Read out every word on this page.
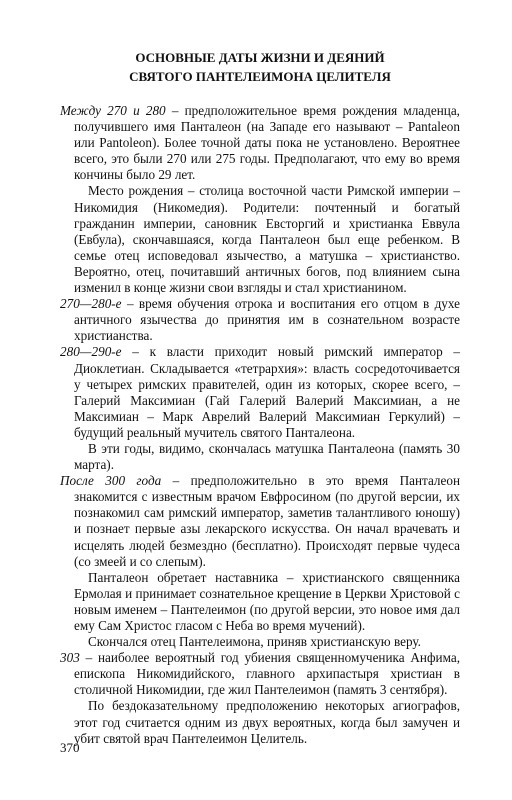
ОСНОВНЫЕ ДАТЫ ЖИЗНИ И ДЕЯНИЙ
СВЯТОГО ПАНТЕЛЕИМОНА ЦЕЛИТЕЛЯ

Между 270 и 280 – предположительное время рождения младенца, получившего имя Панталеон (на Западе его называют – Pantaleon или Pantoleon). Более точной даты пока не установлено. Вероятнее всего, это были 270 или 275 годы. Предполагают, что ему во время кончины было 29 лет.

Место рождения – столица восточной части Римской империи – Никомидия (Никомедия). Родители: почтенный и богатый гражданин империи, сановник Евсторгий и христианка Еввула (Евбула), скончавшаяся, когда Панталеон был еще ребенком. В семье отец исповедовал язычество, а матушка – христианство. Вероятно, отец, почитавший античных богов, под влиянием сына изменил в конце жизни свои взгляды и стал христианином.

270—280-е – время обучения отрока и воспитания его отцом в духе античного язычества до принятия им в сознательном возрасте христианства.

280—290-е – к власти приходит новый римский император – Диоклетиан. Складывается «тетрархия»: власть сосредоточивается у четырех римских правителей, один из которых, скорее всего, – Галерий Максимиан (Гай Галерий Валерий Максимиан, а не Максимиан – Марк Аврелий Валерий Максимиан Геркулий) – будущий реальный мучитель святого Панталеона.

В эти годы, видимо, скончалась матушка Панталеона (память 30 марта).

После 300 года – предположительно в это время Панталеон знакомится с известным врачом Евфросином (по другой версии, их познакомил сам римский император, заметив талантливого юношу) и познает первые азы лекарского искусства. Он начал врачевать и исцелять людей безмездно (бесплатно). Происходят первые чудеса (со змеей и со слепым).

Панталеон обретает наставника – христианского священника Ермолая и принимает сознательное крещение в Церкви Христовой с новым именем – Пантелеимон (по другой версии, это новое имя дал ему Сам Христос гласом с Неба во время мучений).

Скончался отец Пантелеимона, приняв христианскую веру.

303 – наиболее вероятный год убиения священномученика Анфима, епископа Никомидийского, главного архипастыря христиан в столичной Никомидии, где жил Пантелеимон (память 3 сентября).

По бездоказательному предположению некоторых агиографов, этот год считается одним из двух вероятных, когда был замучен и убит святой врач Пантелеимон Целитель.

370
